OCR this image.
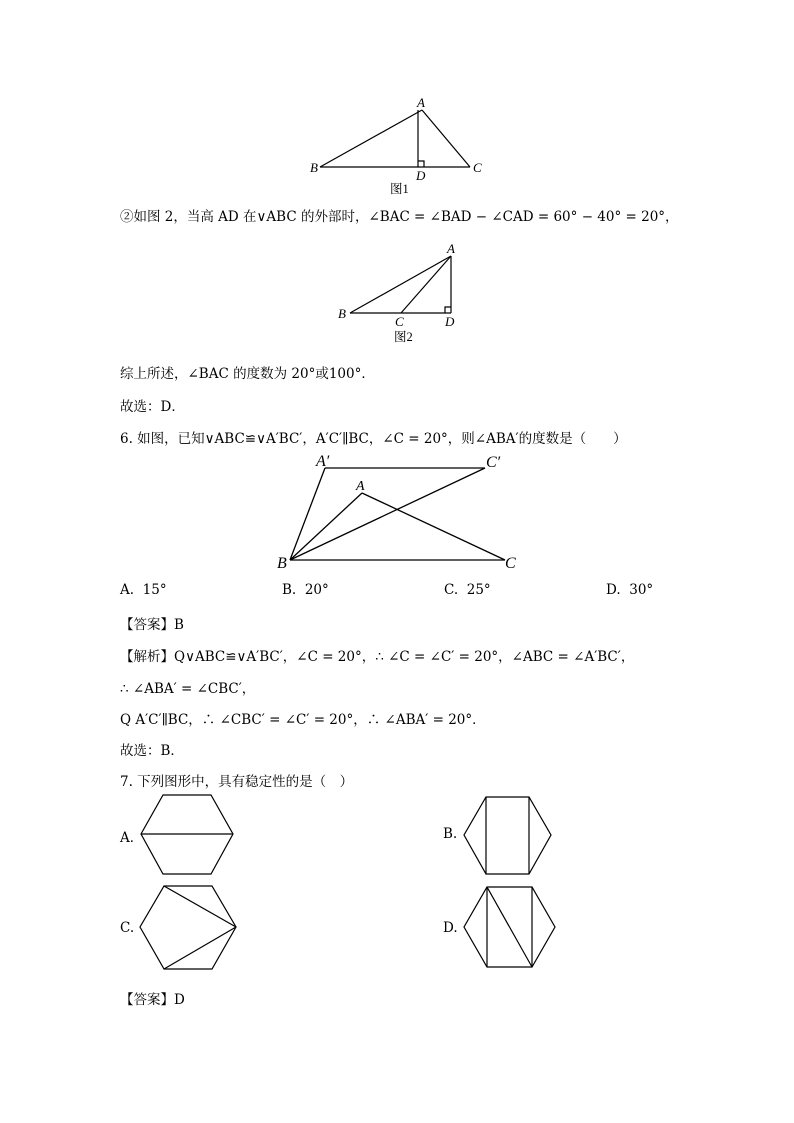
A
B	C
D
图1
②如图 2，当高 AD 在∨ABC 的外部时，∠BAC = ∠BAD − ∠CAD = 60° − 40° = 20°，
A
B
C	D
图2
综上所述，∠BAC 的度数为 20°或100°．
故选：D．
6. 如图，已知∨ABC≌∨A′BC′，A′C′∥BC，∠C = 20°，则∠ABA′的度数是（　　）
A′	C′
A
B	C
A. 15°	B. 20°	C. 25°	D. 30°
【答案】B
【解析】Q∨ABC≌∨A′BC′，∠C = 20°，∴ ∠C = ∠C′ = 20°，∠ABC = ∠A′BC′，
∴ ∠ABA′ = ∠CBC′，
Q A′C′∥BC，∴ ∠CBC′ = ∠C′ = 20°，∴ ∠ABA′ = 20°．
故选：B．
7. 下列图形中，具有稳定性的是（　）
A．	B.
C.	D.
【答案】D
